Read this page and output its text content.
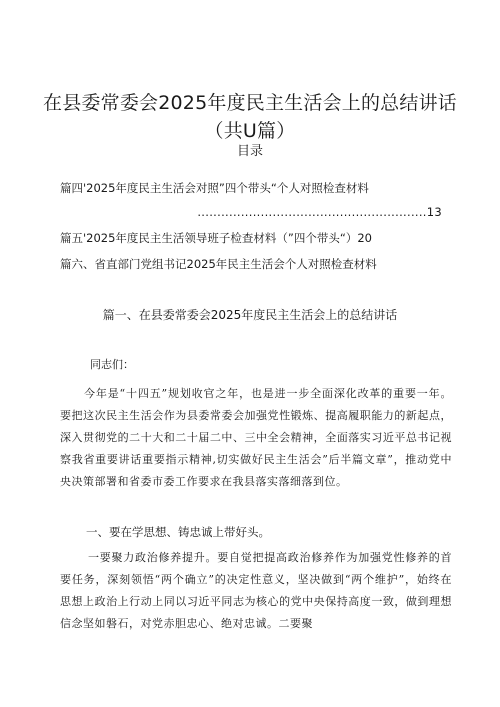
在县委常委会2025年度民主生活会上的总结讲话
（共U篇）
目录
篇四'2025年度民主生活会对照”四个带头“个人对照检查材料
..........................................................13
篇五'2025年度民主生活领导班子检查材料（”四个带头“）20
篇六、省直部门党组书记2025年民主生活会个人对照检查材料
篇一、在县委常委会2025年度民主生活会上的总结讲话
同志们：
今年是“十四五”规划收官之年，也是进一步全面深化改革的重要一年。要把这次民主生活会作为县委常委会加强党性锻炼、提高履职能力的新起点，深入贯彻党的二十大和二十届二中、三中全会精神，全面落实习近平总书记视察我省重要讲话重要指示精神,切实做好民主生活会”后半篇文章”，推动党中央决策部署和省委市委工作要求在我县落实落细落到位。
一、要在学思想、铸忠诚上带好头。
一要聚力政治修养提升。要自觉把提高政治修养作为加强党性修养的首要任务，深刻领悟“两个确立”的决定性意义，坚决做到“两个维护”，始终在思想上政治上行动上同以习近平同志为核心的党中央保持高度一致，做到理想信念坚如磐石，对党赤胆忠心、绝对忠诚。二要聚
